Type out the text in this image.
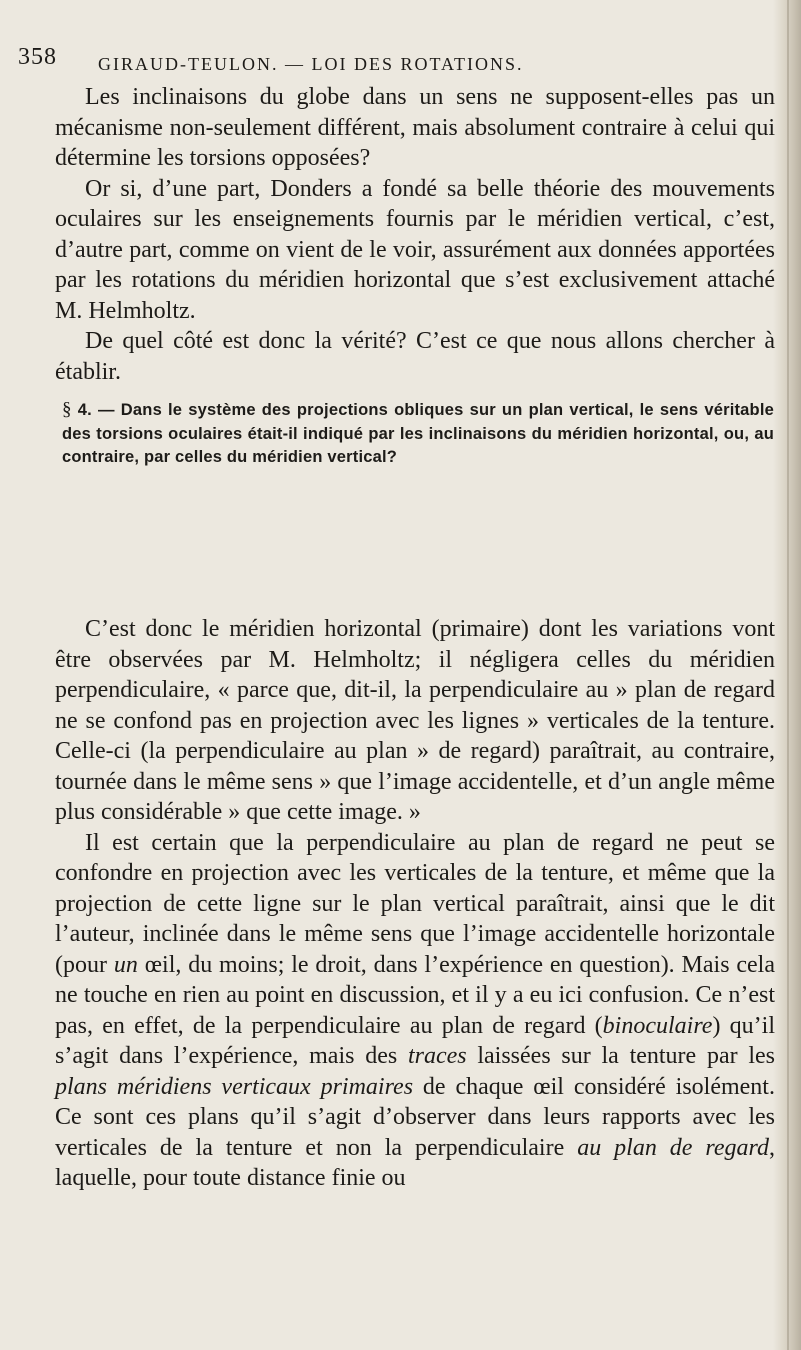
358 GIRAUD-TEULON. — LOI DES ROTATIONS.

Les inclinaisons du globe dans un sens ne supposent-elles pas un mécanisme non-seulement différent, mais absolument contraire à celui qui détermine les torsions opposées?

Or si, d’une part, Donders a fondé sa belle théorie des mouvements oculaires sur les enseignements fournis par le méridien vertical, c’est, d’autre part, comme on vient de le voir, assurément aux données apportées par les rotations du méridien horizontal que s’est exclusivement attaché M. Helmholtz.

De quel côté est donc la vérité? C’est ce que nous allons chercher à établir.

§ 4. — Dans le système des projections obliques sur un plan vertical, le sens véritable des torsions oculaires était-il indiqué par les inclinaisons du méridien horizontal, ou, au contraire, par celles du méridien vertical?

C’est donc le méridien horizontal (primaire) dont les variations vont être observées par M. Helmholtz; il négligera celles du méridien perpendiculaire, « parce que, dit-il, la perpendiculaire au » plan de regard ne se confond pas en projection avec les lignes » verticales de la tenture. Celle-ci (la perpendiculaire au plan » de regard) paraîtrait, au contraire, tournée dans le même sens » que l’image accidentelle, et d’un angle même plus considérable » que cette image. »

Il est certain que la perpendiculaire au plan de regard ne peut se confondre en projection avec les verticales de la tenture, et même que la projection de cette ligne sur le plan vertical paraîtrait, ainsi que le dit l’auteur, inclinée dans le même sens que l’image accidentelle horizontale (pour un œil, du moins; le droit, dans l’expérience en question). Mais cela ne touche en rien au point en discussion, et il y a eu ici confusion. Ce n’est pas, en effet, de la perpendiculaire au plan de regard (binoculaire) qu’il s’agit dans l’expérience, mais des traces laissées sur la tenture par les plans méridiens verticaux primaires de chaque œil considéré isolément. Ce sont ces plans qu’il s’agit d’observer dans leurs rapports avec les verticales de la tenture et non la perpendiculaire au plan de regard, laquelle, pour toute distance finie ou
